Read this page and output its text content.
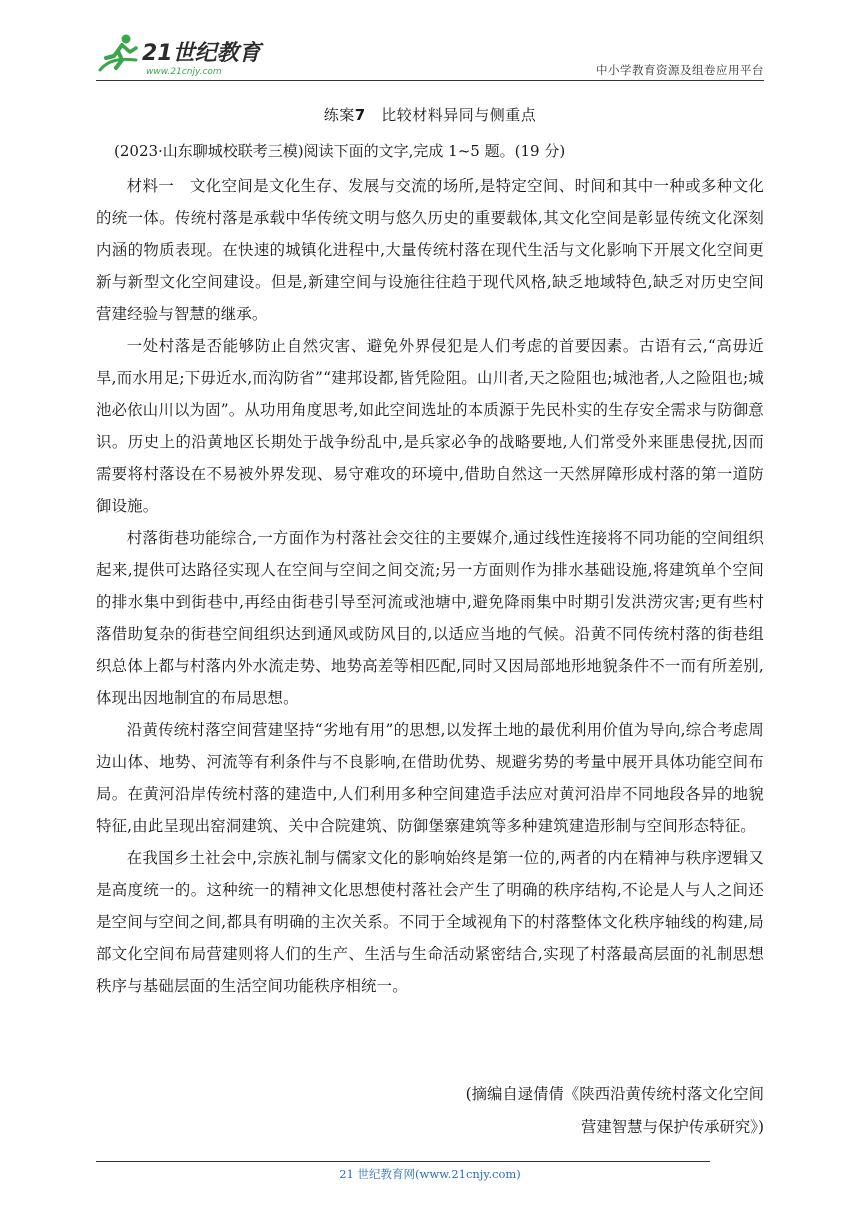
21世纪教育
www.21cnjy.com	中小学教育资源及组卷应用平台
练案7　 比较材料异同与侧重点
(2023·山东聊城校联考三模)阅读下面的文字,完成 1~5 题。(19 分)

材料一　文化空间是文化生存、发展与交流的场所,是特定空间、时间和其中一种或多种文化的统一体。传统村落是承载中华传统文明与悠久历史的重要载体,其文化空间是彰显传统文化深刻内涵的物质表现。在快速的城镇化进程中,大量传统村落在现代生活与文化影响下开展文化空间更新与新型文化空间建设。但是,新建空间与设施往往趋于现代风格,缺乏地域特色,缺乏对历史空间营建经验与智慧的继承。

一处村落是否能够防止自然灾害、避免外界侵犯是人们考虑的首要因素。古语有云,“高毋近旱,而水用足;下毋近水,而沟防省”“建邦设都,皆凭险阻。山川者,天之险阻也;城池者,人之险阻也;城池必依山川以为固”。从功用角度思考,如此空间选址的本质源于先民朴实的生存安全需求与防御意识。历史上的沿黄地区长期处于战争纷乱中,是兵家必争的战略要地,人们常受外来匪患侵扰,因而需要将村落设在不易被外界发现、易守难攻的环境中,借助自然这一天然屏障形成村落的第一道防御设施。

村落街巷功能综合,一方面作为村落社会交往的主要媒介,通过线性连接将不同功能的空间组织起来,提供可达路径实现人在空间与空间之间交流;另一方面则作为排水基础设施,将建筑单个空间的排水集中到街巷中,再经由街巷引导至河流或池塘中,避免降雨集中时期引发洪涝灾害;更有些村落借助复杂的街巷空间组织达到通风或防风目的,以适应当地的气候。沿黄不同传统村落的街巷组织总体上都与村落内外水流走势、地势高差等相匹配,同时又因局部地形地貌条件不一而有所差别,体现出因地制宜的布局思想。

沿黄传统村落空间营建坚持“劣地有用”的思想,以发挥土地的最优利用价值为导向,综合考虑周边山体、地势、河流等有利条件与不良影响,在借助优势、规避劣势的考量中展开具体功能空间布局。在黄河沿岸传统村落的建造中,人们利用多种空间建造手法应对黄河沿岸不同地段各异的地貌特征,由此呈现出窑洞建筑、关中合院建筑、防御堡寨建筑等多种建筑建造形制与空间形态特征。

在我国乡土社会中,宗族礼制与儒家文化的影响始终是第一位的,两者的内在精神与秩序逻辑又是高度统一的。这种统一的精神文化思想使村落社会产生了明确的秩序结构,不论是人与人之间还是空间与空间之间,都具有明确的主次关系。不同于全域视角下的村落整体文化秩序轴线的构建,局部文化空间布局营建则将人们的生产、生活与生命活动紧密结合,实现了村落最高层面的礼制思想秩序与基础层面的生活空间功能秩序相统一。

(摘编自逯倩倩《陕西沿黄传统村落文化空间
营建智慧与保护传承研究》)
21 世纪教育网(www.21cnjy.com)
